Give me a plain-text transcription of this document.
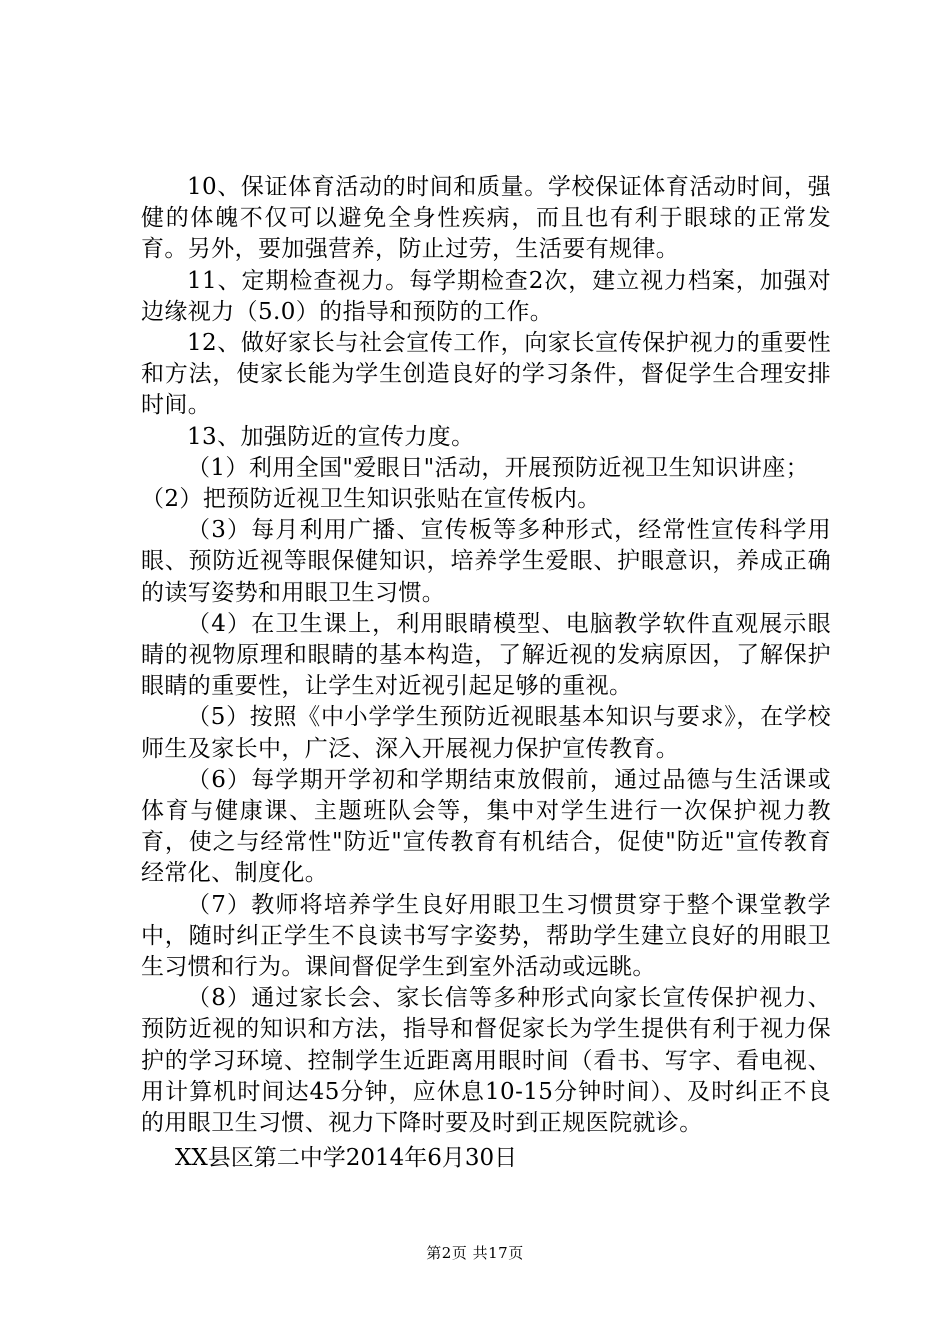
10、保证体育活动的时间和质量。学校保证体育活动时间，强健的体魄不仅可以避免全身性疾病，而且也有利于眼球的正常发育。另外，要加强营养，防止过劳，生活要有规律。

11、定期检查视力。每学期检查2次，建立视力档案，加强对边缘视力（5.0）的指导和预防的工作。

12、做好家长与社会宣传工作，向家长宣传保护视力的重要性和方法，使家长能为学生创造良好的学习条件，督促学生合理安排时间。

13、加强防近的宣传力度。

（1）利用全国"爱眼日"活动，开展预防近视卫生知识讲座；

（2）把预防近视卫生知识张贴在宣传板内。

（3）每月利用广播、宣传板等多种形式，经常性宣传科学用眼、预防近视等眼保健知识，培养学生爱眼、护眼意识，养成正确的读写姿势和用眼卫生习惯。

（4）在卫生课上，利用眼睛模型、电脑教学软件直观展示眼睛的视物原理和眼睛的基本构造，了解近视的发病原因，了解保护眼睛的重要性，让学生对近视引起足够的重视。

（5）按照《中小学学生预防近视眼基本知识与要求》，在学校师生及家长中，广泛、深入开展视力保护宣传教育。

（6）每学期开学初和学期结束放假前，通过品德与生活课或体育与健康课、主题班队会等，集中对学生进行一次保护视力教育，使之与经常性"防近"宣传教育有机结合，促使"防近"宣传教育经常化、制度化。

（7）教师将培养学生良好用眼卫生习惯贯穿于整个课堂教学中，随时纠正学生不良读书写字姿势，帮助学生建立良好的用眼卫生习惯和行为。课间督促学生到室外活动或远眺。

（8）通过家长会、家长信等多种形式向家长宣传保护视力、预防近视的知识和方法，指导和督促家长为学生提供有利于视力保护的学习环境、控制学生近距离用眼时间（看书、写字、看电视、用计算机时间达45分钟，应休息10-15分钟时间）、及时纠正不良的用眼卫生习惯、视力下降时要及时到正规医院就诊。

XX县区第二中学2014年6月30日

第2页 共17页
